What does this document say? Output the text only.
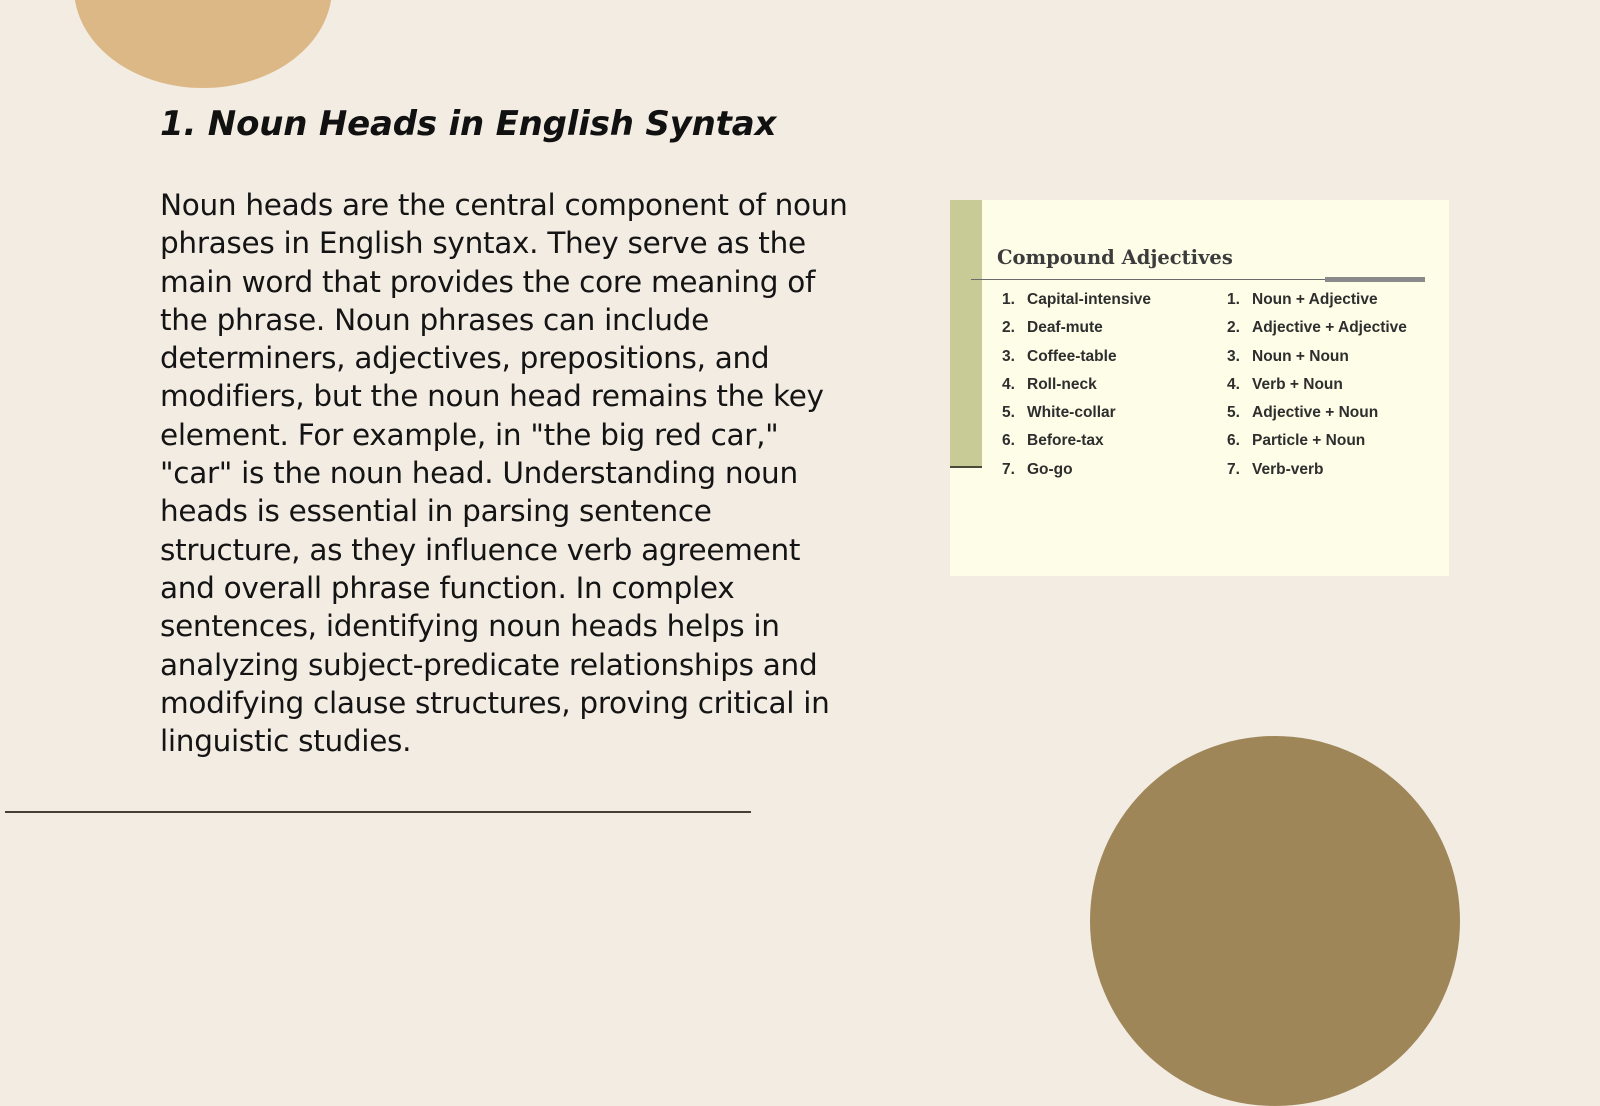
1. Noun Heads in English Syntax

Noun heads are the central component of noun phrases in English syntax. They serve as the main word that provides the core meaning of the phrase. Noun phrases can include determiners, adjectives, prepositions, and modifiers, but the noun head remains the key element. For example, in "the big red car," "car" is the noun head. Understanding noun heads is essential in parsing sentence structure, as they influence verb agreement and overall phrase function. In complex sentences, identifying noun heads helps in analyzing subject-predicate relationships and modifying clause structures, proving critical in linguistic studies.

Compound Adjectives
1. Capital-intensive
2. Deaf-mute
3. Coffee-table
4. Roll-neck
5. White-collar
6. Before-tax
7. Go-go
1. Noun + Adjective
2. Adjective + Adjective
3. Noun + Noun
4. Verb + Noun
5. Adjective + Noun
6. Particle + Noun
7. Verb-verb
